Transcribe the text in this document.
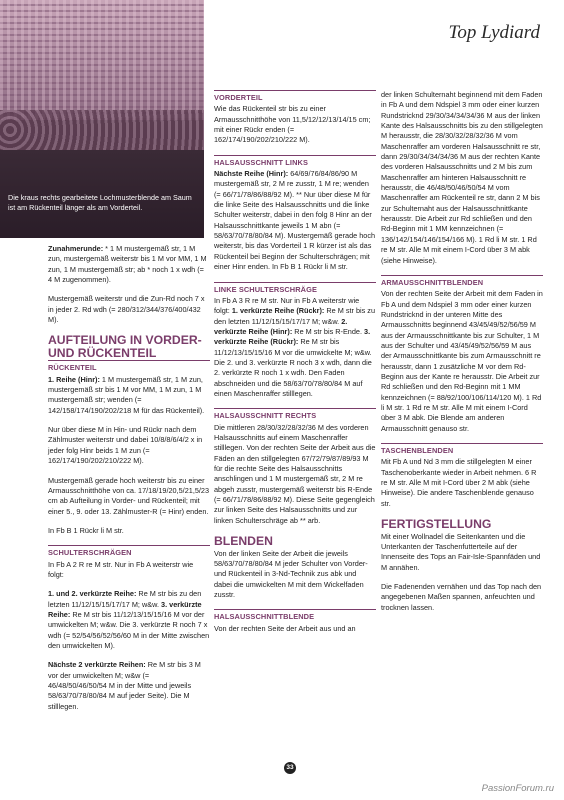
Die kraus rechts gearbeitete Lochmusterblende am Saum ist am Rückenteil länger als am Vorderteil.
Top Lydiard
Zunahmerunde: * 1 M mustergemäß str, 1 M zun, mustergemäß weiterstr bis 1 M vor MM, 1 M zun, 1 M mustergemäß str; ab * noch 1 x wdh (= 4 M zugenommen).
Mustergemäß weiterstr und die Zun-Rd noch 7 x in jeder 2. Rd wdh (= 280/312/344/376/400/432 M).
AUFTEILUNG IN VORDER- UND RÜCKENTEIL
RÜCKENTEIL
1. Reihe (Hinr): 1 M mustergemäß str, 1 M zun, mustergemäß str bis 1 M vor MM, 1 M zun, 1 M mustergemäß str; wenden (= 142/158/174/190/202/218 M für das Rückenteil).
Nur über diese M in Hin- und Rückr nach dem Zählmuster weiterstr und dabei 10/8/8/6/4/2 x in jeder folg Hinr beids 1 M zun (= 162/174/190/202/210/222 M).
Mustergemäß gerade hoch weiterstr bis zu einer Armausschnitthöhe von ca. 17/18/19/20,5/21,5/23 cm ab Aufteilung in Vorder- und Rückenteil; mit einer 5., 9. oder 13. Zählmuster-R (= Hinr) enden.
In Fb B 1 Rückr li M str.
SCHULTERSCHRÄGEN
In Fb A 2 R re M str. Nur in Fb A weiterstr wie folgt:
1. und 2. verkürzte Reihe: Re M str bis zu den letzten 11/12/15/15/17/17 M; w&w. 3. verkürzte Reihe: Re M str bis 11/12/13/15/15/16 M vor der umwickelten M; w&w. Die 3. verkürzte R noch 7 x wdh (= 52/54/56/52/56/60 M in der Mitte zwischen den umwickelten M).
Nächste 2 verkürzte Reihen: Re M str bis 3 M vor der umwickelten M; w&w (= 46/48/50/46/50/54 M in der Mitte und jeweils 58/63/70/78/80/84 M auf jeder Seite). Die M stilllegen.
VORDERTEIL
Wie das Rückenteil str bis zu einer Armausschnitthöhe von 11,5/12/12/13/14/15 cm; mit einer Rückr enden (= 162/174/190/202/210/222 M).
HALSAUSSCHNITT LINKS
Nächste Reihe (Hinr): 64/69/76/84/86/90 M mustergemäß str, 2 M re zusstr, 1 M re; wenden (= 66/71/78/86/88/92 M). ** Nur über diese M für die linke Seite des Halsausschnitts und die linke Schulter weiterstr, dabei in den folg 8 Hinr an der Halsausschnittkante jeweils 1 M abn (= 58/63/70/78/80/84 M). Mustergemäß gerade hoch weiterstr, bis das Vorderteil 1 R kürzer ist als das Rückenteil bei Beginn der Schulterschrägen; mit einer Hinr enden. In Fb B 1 Rückr li M str.
LINKE SCHULTERSCHRÄGE
In Fb A 3 R re M str. Nur in Fb A weiterstr wie folgt: 1. verkürzte Reihe (Rückr): Re M str bis zu den letzten 11/12/15/15/17/17 M; w&w. 2. verkürzte Reihe (Hinr): Re M str bis R-Ende. 3. verkürzte Reihe (Rückr): Re M str bis 11/12/13/15/15/16 M vor die umwickelte M; w&w. Die 2. und 3. verkürzte R noch 3 x wdh, dann die 2. verkürzte R noch 1 x wdh. Den Faden abschneiden und die 58/63/70/78/80/84 M auf einen Maschenraffer stilllegen.
HALSAUSSCHNITT RECHTS
Die mittleren 28/30/32/28/32/36 M des vorderen Halsausschnitts auf einem Maschenraffer stilllegen. Von der rechten Seite der Arbeit aus die Fäden an den stillgelegten 67/72/79/87/89/93 M für die rechte Seite des Halsausschnitts anschlingen und 1 M mustergemäß str, 2 M re abgeh zusstr, mustergemäß weiterstr bis R-Ende (= 66/71/78/86/88/92 M). Diese Seite gegengleich zur linken Seite des Halsausschnitts und zur linken Schulterschräge ab ** arb.
BLENDEN
Von der linken Seite der Arbeit die jeweils 58/63/70/78/80/84 M jeder Schulter von Vorder- und Rückenteil in 3-Nd-Technik zus abk und dabei die umwickelten M mit dem Wickelfaden zusstr.
HALSAUSSCHNITTBLENDE
Von der rechten Seite der Arbeit aus und an
der linken Schulternaht beginnend mit dem Faden in Fb A und dem Ndspiel 3 mm oder einer kurzen Rundstricknd 29/30/34/34/34/36 M aus der linken Kante des Halsausschnitts bis zu den stillgelegten M herausstr, die 28/30/32/28/32/36 M vom Maschenraffer am vorderen Halsausschnitt re str, dann 29/30/34/34/34/36 M aus der rechten Kante des vorderen Halsausschnitts und 2 M bis zum Maschenraffer am hinteren Halsausschnitt re herausstr, die 46/48/50/46/50/54 M vom Maschenraffer am Rückenteil re str, dann 2 M bis zur Schulternaht aus der Halsausschnittkante herausstr. Die Arbeit zur Rd schließen und den Rd-Beginn mit 1 MM kennzeichnen (= 136/142/154/146/154/166 M). 1 Rd li M str. 1 Rd re M str. Alle M mit einem I-Cord über 3 M abk (siehe Hinweise).
ARMAUSSCHNITTBLENDEN
Von der rechten Seite der Arbeit mit dem Faden in Fb A und dem Ndspiel 3 mm oder einer kurzen Rundstricknd in der unteren Mitte des Armausschnitts beginnend 43/45/49/52/56/59 M aus der Armausschnittkante bis zur Schulter, 1 M aus der Schulter und 43/45/49/52/56/59 M aus der Armausschnittkante bis zum Armausschnitt re herausstr, dann 1 zusätzliche M vor dem Rd-Beginn aus der Kante re herausstr. Die Arbeit zur Rd schließen und den Rd-Beginn mit 1 MM kennzeichnen (= 88/92/100/106/114/120 M). 1 Rd li M str. 1 Rd re M str. Alle M mit einem I-Cord über 3 M abk. Die Blende am anderen Armausschnitt genauso str.
TASCHENBLENDEN
Mit Fb A und Nd 3 mm die stillgelegten M einer Taschenoberkante wieder in Arbeit nehmen. 6 R re M str. Alle M mit I-Cord über 2 M abk (siehe Hinweise). Die andere Taschenblende genauso str.
FERTIGSTELLUNG
Mit einer Wollnadel die Seitenkanten und die Unterkanten der Taschenfutterteile auf der Innenseite des Tops an Fair-Isle-Spannfäden und M annähen.
Die Fadenenden vernähen und das Top nach den angegebenen Maßen spannen, anfeuchten und trocknen lassen.
33
PassionForum.ru
